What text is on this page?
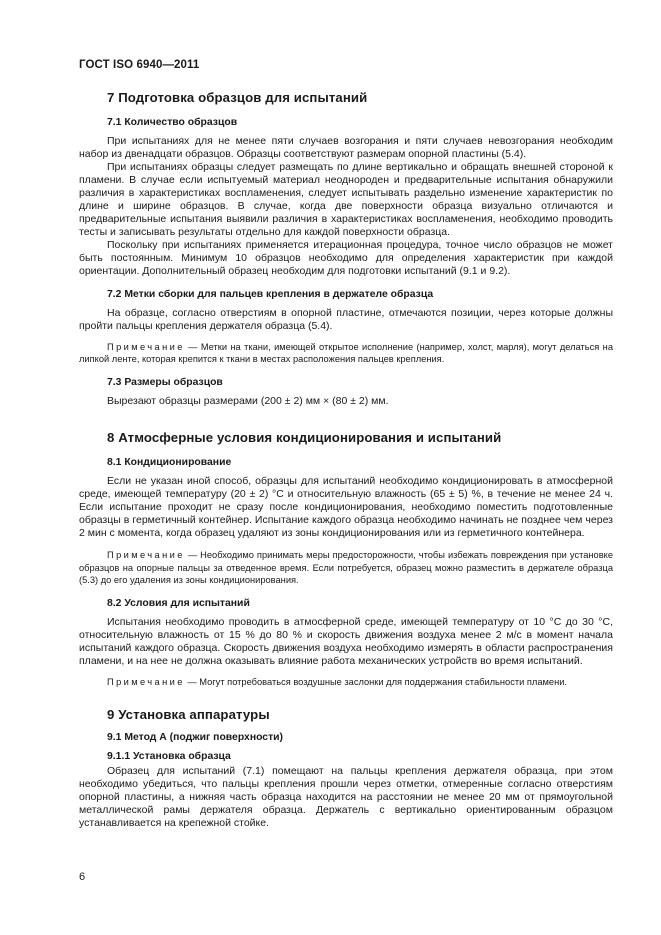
ГОСТ ISO 6940—2011
7 Подготовка образцов для испытаний
7.1 Количество образцов

При испытаниях для не менее пяти случаев возгорания и пяти случаев невозгорания необходим набор из двенадцати образцов. Образцы соответствуют размерам опорной пластины (5.4).

При испытаниях образцы следует размещать по длине вертикально и обращать внешней стороной к пламени. В случае если испытуемый материал неоднороден и предварительные испытания обнаружили различия в характеристиках воспламенения, следует испытывать раздельно изменение характеристик по длине и ширине образцов. В случае, когда две поверхности образца визуально отличаются и предварительные испытания выявили различия в характеристиках воспламенения, необходимо проводить тесты и записывать результаты отдельно для каждой поверхности образца.

Поскольку при испытаниях применяется итерационная процедура, точное число образцов не может быть постоянным. Минимум 10 образцов необходимо для определения характеристик при каждой ориентации. Дополнительный образец необходим для подготовки испытаний (9.1 и 9.2).

7.2 Метки сборки для пальцев крепления в держателе образца

На образце, согласно отверстиям в опорной пластине, отмечаются позиции, через которые должны пройти пальцы крепления держателя образца (5.4).

Примечание — Метки на ткани, имеющей открытое исполнение (например, холст, марля), могут делаться на липкой ленте, которая крепится к ткани в местах расположения пальцев крепления.

7.3 Размеры образцов

Вырезают образцы размерами (200 ± 2) мм × (80 ± 2) мм.

8 Атмосферные условия кондиционирования и испытаний
8.1 Кондиционирование

Если не указан иной способ, образцы для испытаний необходимо кондиционировать в атмосферной среде, имеющей температуру (20 ± 2) °С и относительную влажность (65 ± 5) %, в течение не менее 24 ч. Если испытание проходит не сразу после кондиционирования, необходимо поместить подготовленные образцы в герметичный контейнер. Испытание каждого образца необходимо начинать не позднее чем через 2 мин с момента, когда образец удаляют из зоны кондиционирования или из герметичного контейнера.

Примечание — Необходимо принимать меры предосторожности, чтобы избежать повреждения при установке образцов на опорные пальцы за отведенное время. Если потребуется, образец можно разместить в держателе образца (5.3) до его удаления из зоны кондиционирования.

8.2 Условия для испытаний

Испытания необходимо проводить в атмосферной среде, имеющей температуру от 10 °С до 30 °С, относительную влажность от 15 % до 80 % и скорость движения воздуха менее 2 м/с в момент начала испытаний каждого образца. Скорость движения воздуха необходимо измерять в области распространения пламени, и на нее не должна оказывать влияние работа механических устройств во время испытаний.

Примечание — Могут потребоваться воздушные заслонки для поддержания стабильности пламени.

9 Установка аппаратуры
9.1 Метод А (поджиг поверхности)
9.1.1 Установка образца

Образец для испытаний (7.1) помещают на пальцы крепления держателя образца, при этом необходимо убедиться, что пальцы крепления прошли через отметки, отмеренные согласно отверстиям опорной пластины, а нижняя часть образца находится на расстоянии не менее 20 мм от прямоугольной металлической рамы держателя образца. Держатель с вертикально ориентированным образцом устанавливается на крепежной стойке.

6
